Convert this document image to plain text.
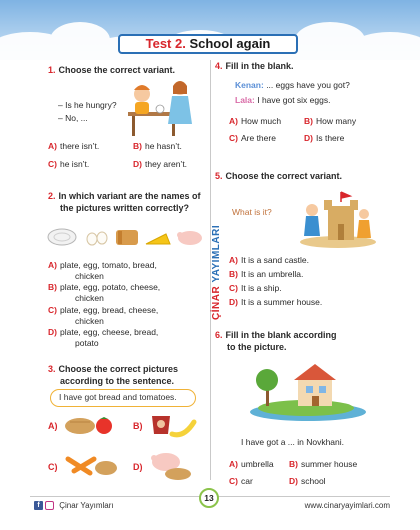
Test 2. School again
ÇİNAR YAYIMLARI
1. Choose the correct variant.
– Is he hungry?
– No, ...
A) there isn’t.	B) he hasn’t.
C) he isn’t.	D) they aren’t.
2. In which variant are the names of
the pictures written correctly?
A) plate, egg, tomato, bread,
chicken
B) plate, egg, potato, cheese,
chicken
C) plate, egg, bread, cheese,
chicken
D) plate, egg, cheese, bread,
potato
3. Choose the correct pictures
according to the sentence.
I have got bread and tomatoes.
A)	B)
C)	D)
4. Fill in the blank.
Kenan: ... eggs have you got?
Lala: I have got six eggs.
A) How much	B) How many
C) Are there	D) Is there
5. Choose the correct variant.
What is it?
A) It is a sand castle.
B) It is an umbrella.
C) It is a ship.
D) It is a summer house.
6. Fill in the blank according
to the picture.
I have got a ... in Novkhani.
A) umbrella B) summer house
C) car	D) school
f Çinar Yayımları
13
www.cinaryayimlari.com
